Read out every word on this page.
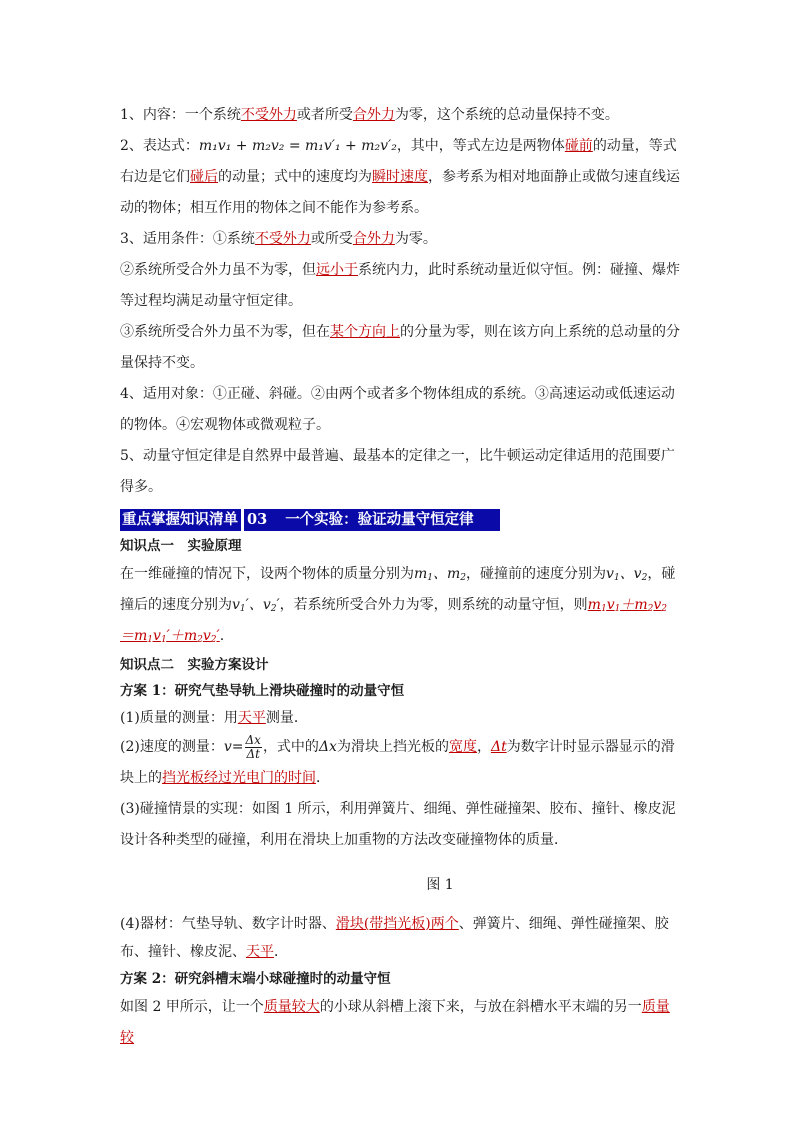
1、内容：一个系统不受外力或者所受合外力为零，这个系统的总动量保持不变。

2、表达式：m₁v₁ + m₂v₂ = m₁v′₁ + m₂v′₂，其中，等式左边是两物体碰前的动量，等式右边是它们碰后的动量；式中的速度均为瞬时速度，参考系为相对地面静止或做匀速直线运动的物体；相互作用的物体之间不能作为参考系。

3、适用条件：①系统不受外力或所受合外力为零。

②系统所受合外力虽不为零，但远小于系统内力，此时系统动量近似守恒。例：碰撞、爆炸等过程均满足动量守恒定律。

③系统所受合外力虽不为零，但在某个方向上的分量为零，则在该方向上系统的总动量的分量保持不变。

4、适用对象：①正碰、斜碰。②由两个或者多个物体组成的系统。③高速运动或低速运动的物体。④宏观物体或微观粒子。

5、动量守恒定律是自然界中最普遍、最基本的定律之一，比牛顿运动定律适用的范围要广得多。

重点掌握知识清单 03 一个实验：验证动量守恒定律

知识点一　实验原理

在一维碰撞的情况下，设两个物体的质量分别为$m_1$、$m_2$，碰撞前的速度分别为$v_1$、$v_2$，碰撞后的速度分别为$v_1'$、$v_2'$，若系统所受合外力为零，则系统的动量守恒，则$m_1v_1+m_2v_2=m_1v_1'+m_2v_2'$.

知识点二　实验方案设计

方案 1：研究气垫导轨上滑块碰撞时的动量守恒

(1)质量的测量：用天平测量．

(2)速度的测量：$v= \frac{\Delta x}{\Delta t}$ ，式中的Δx为滑块上挡光板的宽度，Δt为数字计时显示器显示的滑块上的挡光板经过光电门的时间．

(3)碰撞情景的实现：如图 1 所示，利用弹簧片、细绳、弹性碰撞架、胶布、撞针、橡皮泥设计各种类型的碰撞，利用在滑块上加重物的方法改变碰撞物体的质量．

图 1

(4)器材：气垫导轨、数字计时器、滑块(带挡光板)两个、弹簧片、细绳、弹性碰撞架、胶布、撞针、橡皮泥、天平．

方案 2：研究斜槽末端小球碰撞时的动量守恒

如图 2 甲所示，让一个质量较大的小球从斜槽上滚下来，与放在斜槽水平末端的另一质量较
